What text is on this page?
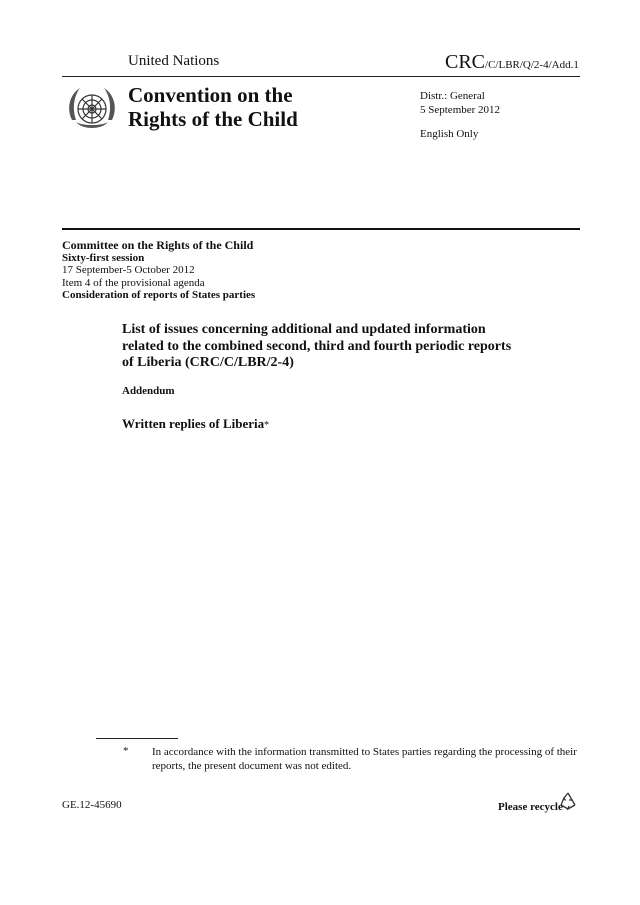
United Nations	CRC/C/LBR/Q/2-4/Add.1
Convention on the
Rights of the Child
Distr.: General
5 September 2012
English Only
Committee on the Rights of the Child
Sixty-first session
17 September-5 October 2012
Item 4 of the provisional agenda
Consideration of reports of States parties
List of issues concerning additional and updated information related to the combined second, third and fourth periodic reports of Liberia (CRC/C/LBR/2-4)
Addendum
Written replies of Liberia*
* In accordance with the information transmitted to States parties regarding the processing of their reports, the present document was not edited.
GE.12-45690	Please recycle
